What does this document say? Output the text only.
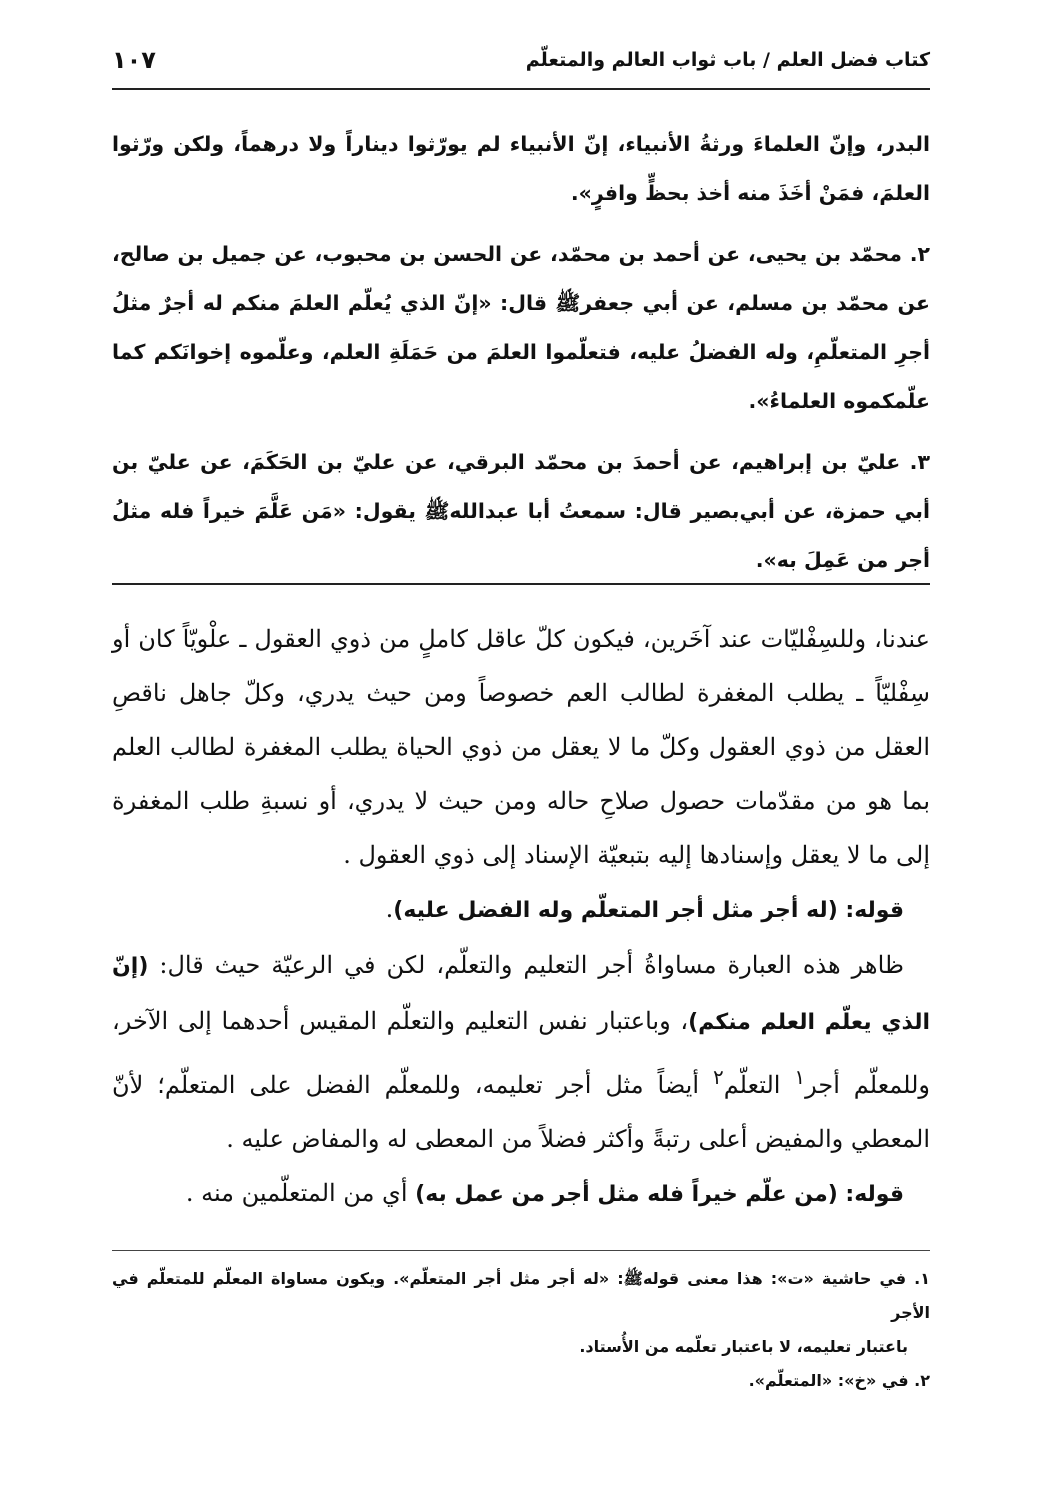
كتاب فضل العلم / باب ثواب العالم والمتعلّم
١٠٧

البدر، وإنّ العلماءَ ورثةُ الأنبياء، إنّ الأنبياء لم يورّثوا ديناراً ولا درهماً، ولكن ورّثوا العلمَ، فمَنْ أخَذَ منه أخذ بحظٍّ وافرٍ».

٢. محمّد بن يحيى، عن أحمد بن محمّد، عن الحسن بن محبوب، عن جميل بن صالح، عن محمّد بن مسلم، عن أبي جعفرﷺ قال: «إنّ الذي يُعلّم العلمَ منكم له أجرٌ مثلُ أجرِ المتعلّمِ، وله الفضلُ عليه، فتعلّموا العلمَ من حَمَلَةِ العلم، وعلّموه إخوانَكم كما علّمكموه العلماءُ».

٣. عليّ بن إبراهيم، عن أحمدَ بن محمّد البرقي، عن عليّ بن الحَكَمَ، عن عليّ بن أبي حمزة، عن أبي‌بصير قال: سمعتُ أبا عبدالله‌ﷺ يقول: «مَن عَلَّمَ خيراً فله مثلُ أجر من عَمِلَ به».

عندنا، وللسِفْليّات عند آخَرين، فيكون كلّ عاقل كاملٍ من ذوي العقول ـ علْويّاً كان أو سِفْليّاً ـ يطلب المغفرة لطالب العم خصوصاً ومن حيث يدري، وكلّ جاهل ناقصِ العقل من ذوي العقول وكلّ ما لا يعقل من ذوي الحياة يطلب المغفرة لطالب العلم بما هو من مقدّمات حصول صلاحِ حاله ومن حيث لا يدري، أو نسبةِ طلب المغفرة إلى ما لا يعقل وإسنادها إليه بتبعيّة الإسناد إلى ذوي العقول .

قوله: (له أجر مثل أجر المتعلّم وله الفضل عليه).

ظاهر هذه العبارة مساواةُ أجر التعليم والتعلّم، لكن في الرعيّة حيث قال: (إنّ الذي يعلّم العلم منكم)، وباعتبار نفس التعليم والتعلّم المقيس أحدهما إلى الآخر، وللمعلّم أجر$^١$ التعلّم$^٢$ أيضاً مثل أجر تعليمه، وللمعلّم الفضل على المتعلّم؛ لأنّ المعطي والمفيض أعلى رتبةً وأكثر فضلاً من المعطى له والمفاض عليه .

قوله: (من علّم خيراً فله مثل أجر من عمل به) أي من المتعلّمين منه .

١. في حاشية «ت»: هذا معنى قولهﷺ: «له أجر مثل أجر المتعلّم». ويكون مساواة المعلّم للمتعلّم في الأجر

باعتبار تعليمه، لا باعتبار تعلّمه من الأُستاد.

٢. في «خ»: «المتعلّم».
